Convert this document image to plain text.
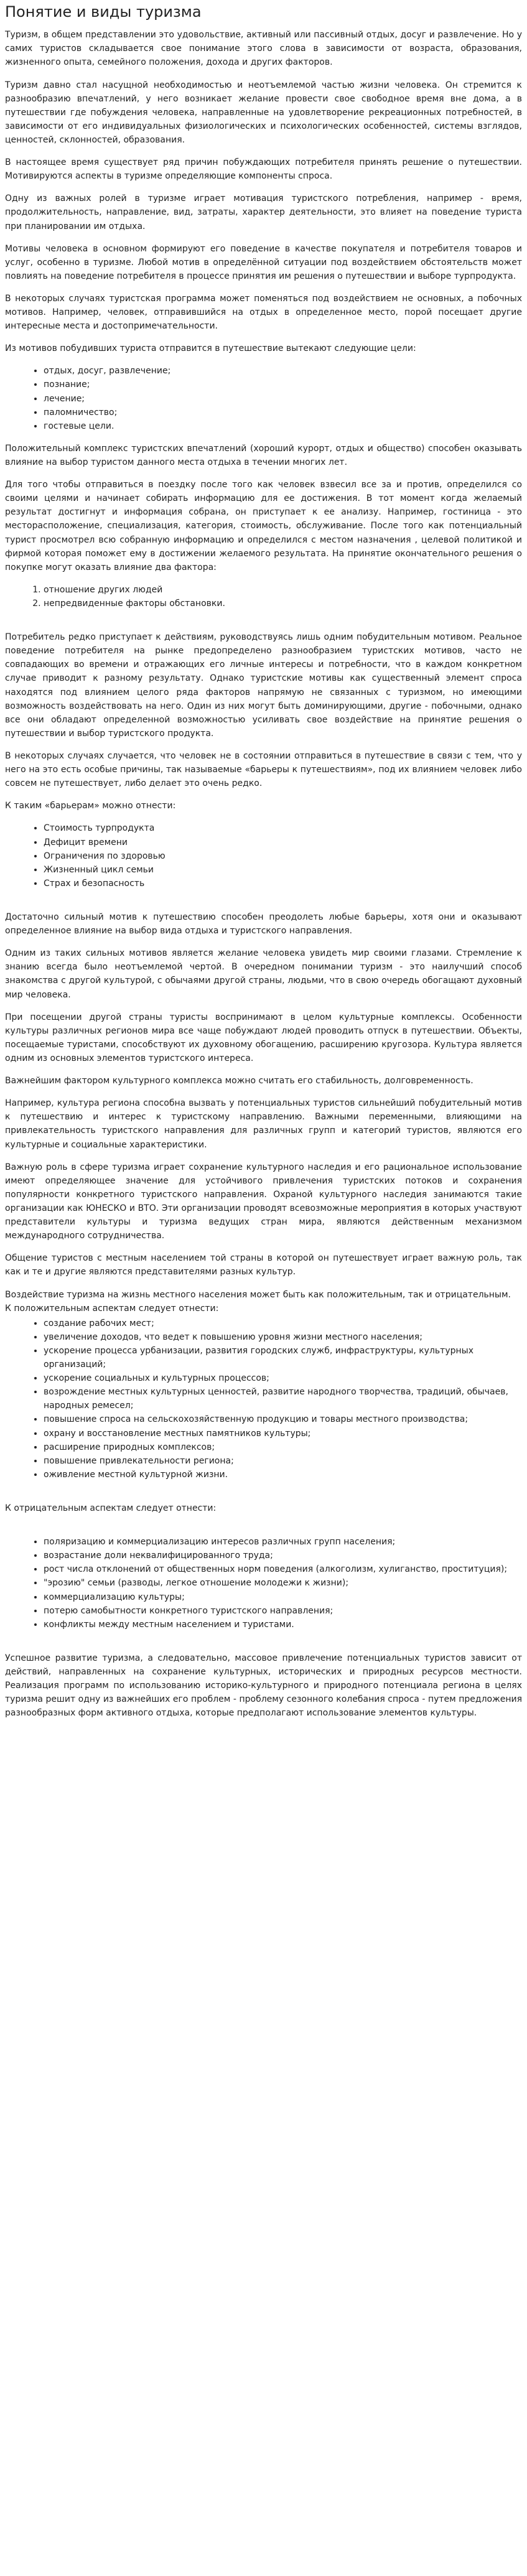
Понятие и виды туризма

Туризм, в общем представлении это удовольствие, активный или пассивный отдых, досуг и развлечение. Но у самих туристов складывается свое понимание этого слова в зависимости от возраста, образования, жизненного опыта, семейного положения, дохода и других факторов.

Туризм давно стал насущной необходимостью и неотъемлемой частью жизни человека. Он стремится к разнообразию впечатлений, у него возникает желание провести свое свободное время вне дома, а в путешествии где побуждения человека, направленные на удовлетворение рекреационных потребностей, в зависимости от его индивидуальных физиологических и психологических особенностей, системы взглядов, ценностей, склонностей, образования.

В настоящее время существует ряд причин побуждающих потребителя принять решение о путешествии. Мотивируются аспекты в туризме определяющие компоненты спроса.

Одну из важных ролей в туризме играет мотивация туристского потребления, например - время, продолжительность, направление, вид, затраты, характер деятельности, это влияет на поведение туриста при планировании им отдыха.

Мотивы человека в основном формируют его поведение в качестве покупателя и потребителя товаров и услуг, особенно в туризме. Любой мотив в определённой ситуации под воздействием обстоятельств может повлиять на поведение потребителя в процессе принятия им решения о путешествии и выборе турпродукта.

В некоторых случаях туристская программа может поменяться под воздействием не основных, а побочных мотивов. Например, человек, отправившийся на отдых в определенное место, порой посещает другие интересные места и достопримечательности.

Из мотивов побудивших туриста отправится в путешествие вытекают следующие цели:

• отдых, досуг, развлечение;
• познание;
• лечение;
• паломничество;
• гостевые цели.

Положительный комплекс туристских впечатлений (хороший курорт, отдых и общество) способен оказывать влияние на выбор туристом данного места отдыха в течении многих лет.

Для того чтобы отправиться в поездку после того как человек взвесил все за и против, определился со своими целями и начинает собирать информацию для ее достижения. В тот момент когда желаемый результат достигнут и информация собрана, он приступает к ее анализу. Например, гостиница - это месторасположение, специализация, категория, стоимость, обслуживание. После того как потенциальный турист просмотрел всю собранную информацию и определился с местом назначения , целевой политикой и фирмой которая поможет ему в достижении желаемого результата. На принятие окончательного решения о покупке могут оказать влияние два фактора:

1. отношение других людей
2. непредвиденные факторы обстановки.

Потребитель редко приступает к действиям, руководствуясь лишь одним побудительным мотивом. Реальное поведение потребителя на рынке предопределено разнообразием туристских мотивов, часто не совпадающих во времени и отражающих его личные интересы и потребности, что в каждом конкретном случае приводит к разному результату. Однако туристские мотивы как существенный элемент спроса находятся под влиянием целого ряда факторов напрямую не связанных с туризмом, но имеющими возможность воздействовать на него. Один из них могут быть доминирующими, другие - побочными, однако все они обладают определенной возможностью усиливать свое воздействие на принятие решения о путешествии и выбор туристского продукта.

В некоторых случаях случается, что человек не в состоянии отправиться в путешествие в связи с тем, что у него на это есть особые причины, так называемые «барьеры к путешествиям», под их влиянием человек либо совсем не путешествует, либо делает это очень редко.

К таким «барьерам» можно отнести:

• Стоимость турпродукта
• Дефицит времени
• Ограничения по здоровью
• Жизненный цикл семьи
• Страх и безопасность

Достаточно сильный мотив к путешествию способен преодолеть любые барьеры, хотя они и оказывают определенное влияние на выбор вида отдыха и туристского направления.

Одним из таких сильных мотивов является желание человека увидеть мир своими глазами. Стремление к знанию всегда было неотъемлемой чертой. В очередном понимании туризм - это наилучший способ знакомства с другой культурой, с обычаями другой страны, людьми, что в свою очередь обогащают духовный мир человека.

При посещении другой страны туристы воспринимают в целом культурные комплексы. Особенности культуры различных регионов мира все чаще побуждают людей проводить отпуск в путешествии. Объекты, посещаемые туристами, способствуют их духовному обогащению, расширению кругозора. Культура является одним из основных элементов туристского интереса.

Важнейшим фактором культурного комплекса можно считать его стабильность, долговременность.

Например, культура региона способна вызвать у потенциальных туристов сильнейший побудительный мотив к путешествию и интерес к туристскому направлению. Важными переменными, влияющими на привлекательность туристского направления для различных групп и категорий туристов, являются его культурные и социальные характеристики.

Важную роль в сфере туризма играет сохранение культурного наследия и его рациональное использование имеют определяющее значение для устойчивого привлечения туристских потоков и сохранения популярности конкретного туристского направления. Охраной культурного наследия занимаются такие организации как ЮНЕСКО и ВТО. Эти организации проводят всевозможные мероприятия в которых участвуют представители культуры и туризма ведущих стран мира, являются действенным механизмом международного сотрудничества.

Общение туристов с местным населением той страны в которой он путешествует играет важную роль, так как и те и другие являются представителями разных культур.

Воздействие туризма на жизнь местного населения может быть как положительным, так и отрицательным.

К положительным аспектам следует отнести:

• создание рабочих мест;
• увеличение доходов, что ведет к повышению уровня жизни местного населения;
• ускорение процесса урбанизации, развития городских служб, инфраструктуры, культурных организаций;
• ускорение социальных и культурных процессов;
• возрождение местных культурных ценностей, развитие народного творчества, традиций, обычаев, народных ремесел;
• повышение спроса на сельскохозяйственную продукцию и товары местного производства;
• охрану и восстановление местных памятников культуры;
• расширение природных комплексов;
• повышение привлекательности региона;
• оживление местной культурной жизни.

К отрицательным аспектам следует отнести:

• поляризацию и коммерциализацию интересов различных групп населения;
• возрастание доли неквалифицированного труда;
• рост числа отклонений от общественных норм поведения (алкоголизм, хулиганство, проституция);
• "эрозию" семьи (разводы, легкое отношение молодежи к жизни);
• коммерциализацию культуры;
• потерю самобытности конкретного туристского направления;
• конфликты между местным населением и туристами.

Успешное развитие туризма, а следовательно, массовое привлечение потенциальных туристов зависит от действий, направленных на сохранение культурных, исторических и природных ресурсов местности. Реализация программ по использованию историко-культурного и природного потенциала региона в целях туризма решит одну из важнейших его проблем - проблему сезонного колебания спроса - путем предложения разнообразных форм активного отдыха, которые предполагают использование элементов культуры.
